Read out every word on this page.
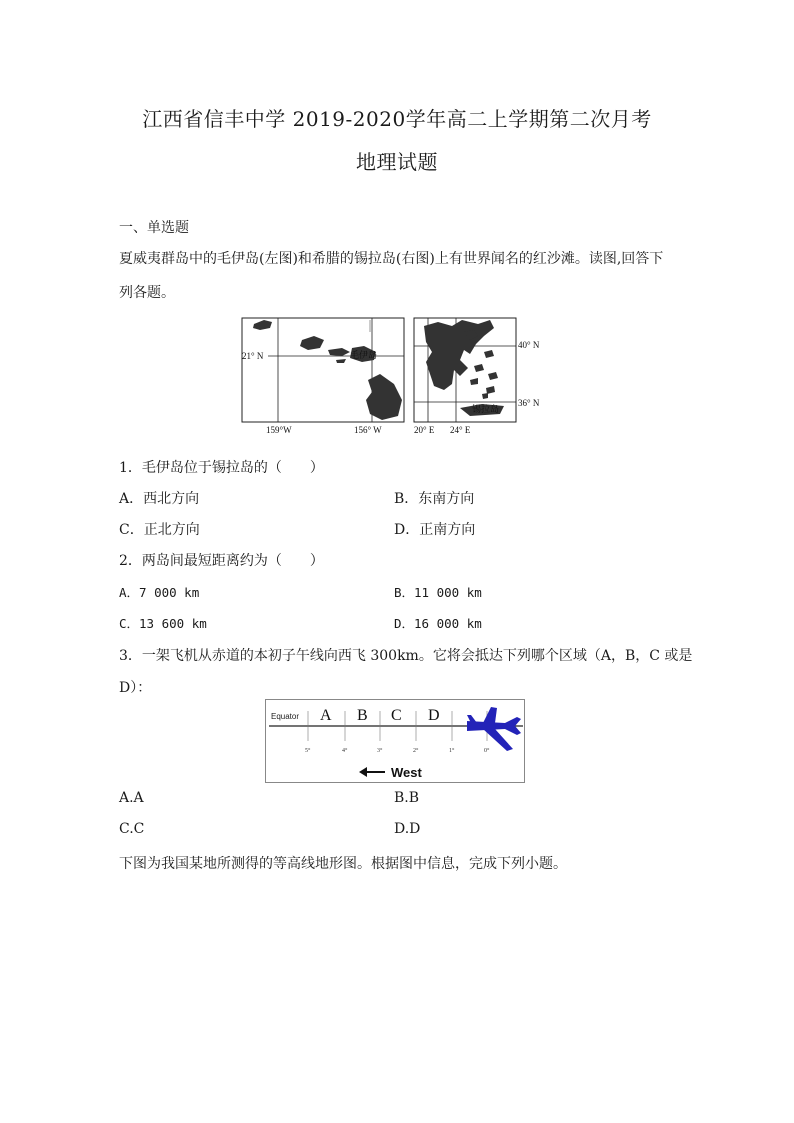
江西省信丰中学 2019-2020学年高二上学期第二次月考
地理试题
一、单选题
夏威夷群岛中的毛伊岛(左图)和希腊的锡拉岛(右图)上有世界闻名的红沙滩。读图,回答下
列各题。
21° N	毛伊岛
159°W	156° W
40° N
36° N
锡拉岛
20° E 24° E
1．毛伊岛位于锡拉岛的（　　）
A．西北方向	B．东南方向
C．正北方向	D．正南方向
2．两岛间最短距离约为（　　）
A．7 000 km	B．11 000 km
C．13 600 km	D．16 000 km
3．一架飞机从赤道的本初子午线向西飞 300km。它将会抵达下列哪个区域（A，B，C 或是
D）：
Equator A B C D
5°	4°	3°	2°	1°	0°
West
A.A	B.B
C.C	D.D
下图为我国某地所测得的等高线地形图。根据图中信息，完成下列小题。
